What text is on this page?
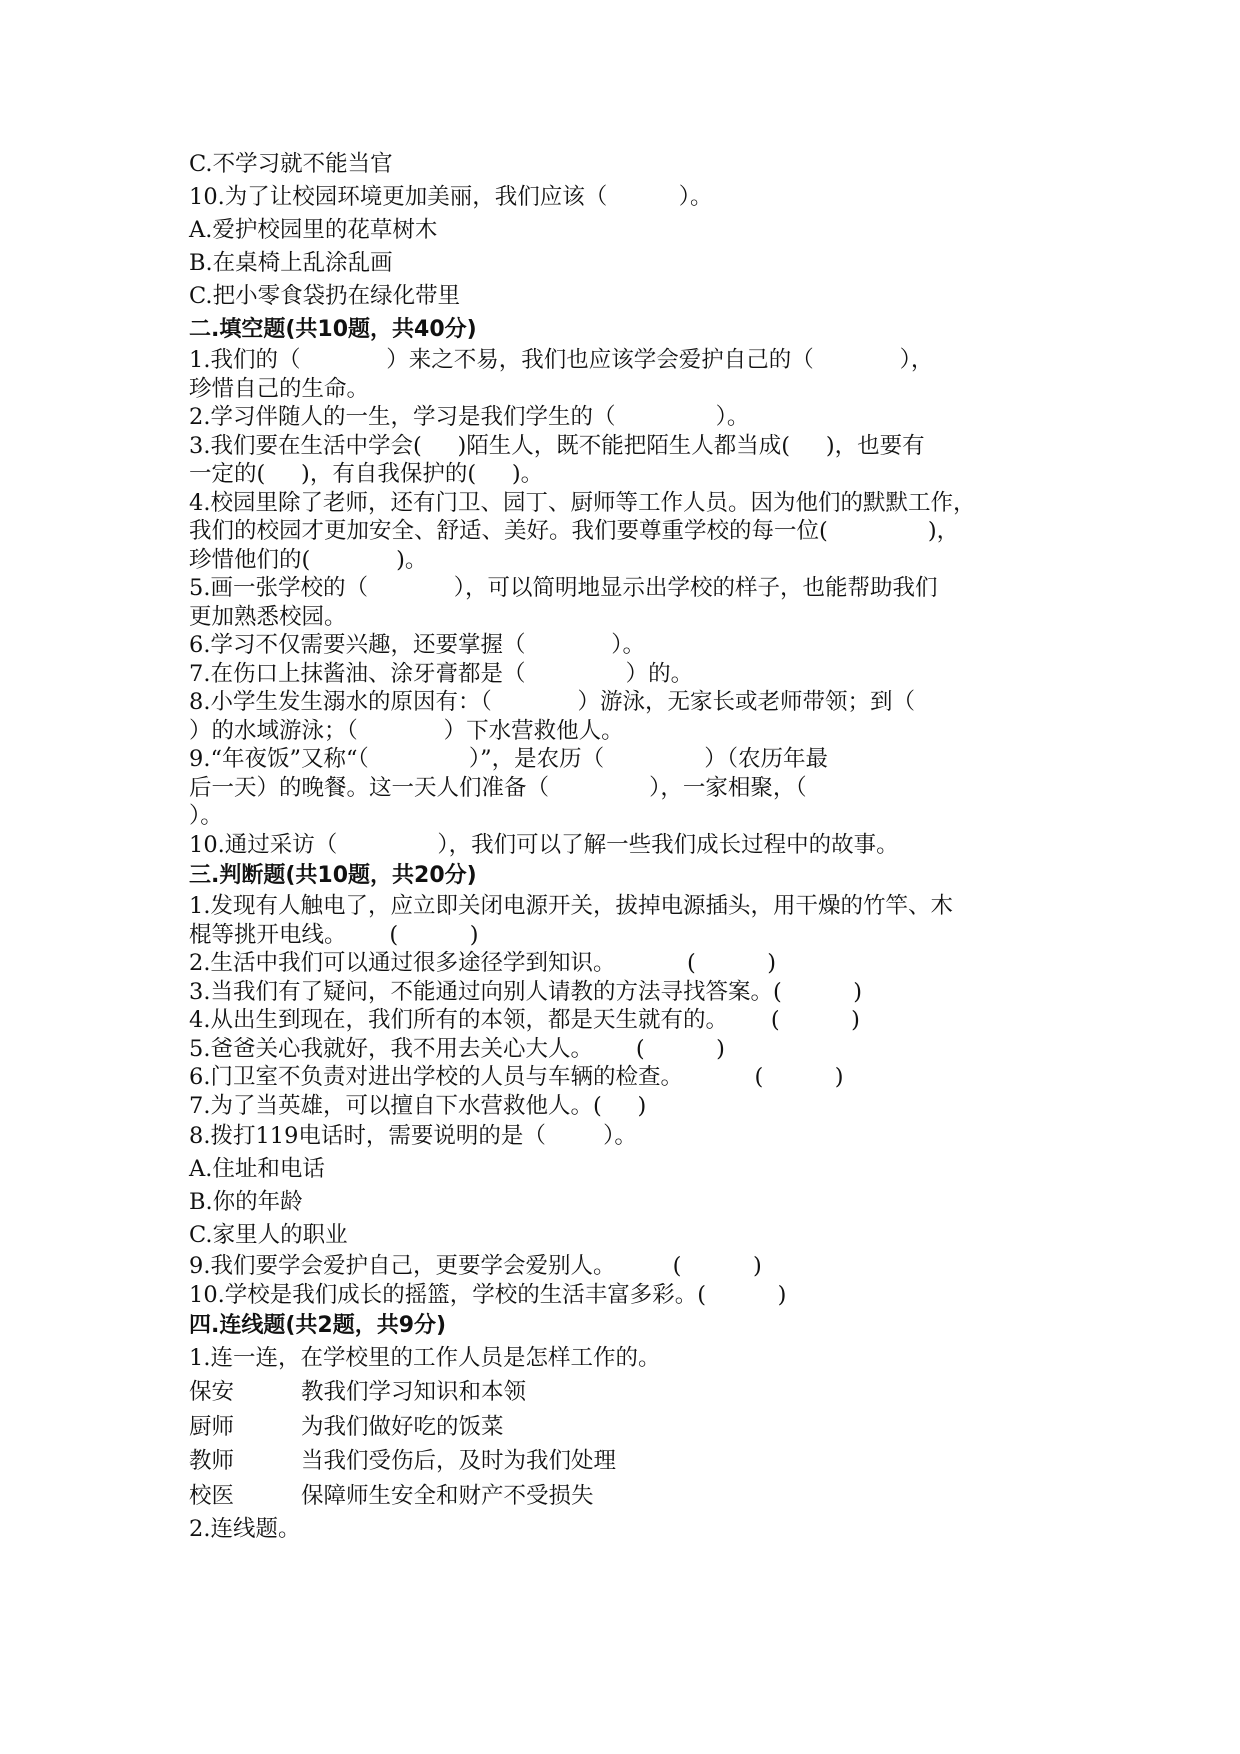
C.不学习就不能当官
10.为了让校园环境更加美丽，我们应该（          ）。
A.爱护校园里的花草树木
B.在桌椅上乱涂乱画
C.把小零食袋扔在绿化带里
二.填空题(共10题，共40分)
1.我们的（            ）来之不易，我们也应该学会爱护自己的（            ），
珍惜自己的生命。
2.学习伴随人的一生，学习是我们学生的（              ）。
3.我们要在生活中学会(     )陌生人，既不能把陌生人都当成(     )，也要有
一定的(     )，有自我保护的(     )。
4.校园里除了老师，还有门卫、园丁、厨师等工作人员。因为他们的默默工作，
我们的校园才更加安全、舒适、美好。我们要尊重学校的每一位(              )，
珍惜他们的(            )。
5.画一张学校的（            ），可以简明地显示出学校的样子，也能帮助我们
更加熟悉校园。
6.学习不仅需要兴趣，还要掌握（            ）。
7.在伤口上抹酱油、涂牙膏都是（              ）的。
8.小学生发生溺水的原因有：（            ）游泳，无家长或老师带领；到（
）的水域游泳；（            ）下水营救他人。
9.“年夜饭”又称“（              ）”，是农历（              ）（农历年最
后一天）的晚餐。这一天人们准备（              ），一家相聚，（
）。
10.通过采访（              ），我们可以了解一些我们成长过程中的故事。
三.判断题(共10题，共20分)
1.发现有人触电了，应立即关闭电源开关，拔掉电源插头，用干燥的竹竿、木
棍等挑开电线。      (          )
2.生活中我们可以通过很多途径学到知识。          (          )
3.当我们有了疑问，不能通过向别人请教的方法寻找答案。(          )
4.从出生到现在，我们所有的本领，都是天生就有的。      (          )
5.爸爸关心我就好，我不用去关心大人。      (          )
6.门卫室不负责对进出学校的人员与车辆的检查。          (          )
7.为了当英雄，可以擅自下水营救他人。(     )
8.拨打119电话时，需要说明的是（        ）。
A.住址和电话
B.你的年龄
C.家里人的职业
9.我们要学会爱护自己，更要学会爱别人。        (          )
10.学校是我们成长的摇篮，学校的生活丰富多彩。(          )
四.连线题(共2题，共9分)
1.连一连，在学校里的工作人员是怎样工作的。
保安	教我们学习知识和本领
厨师	为我们做好吃的饭菜
教师	当我们受伤后，及时为我们处理
校医	保障师生安全和财产不受损失
2.连线题。
